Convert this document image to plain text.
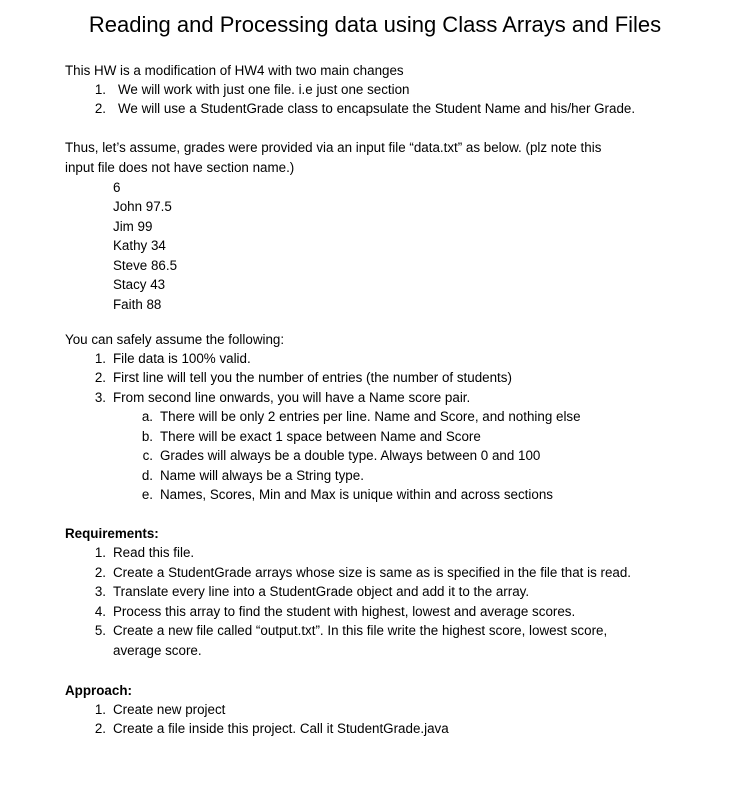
Reading and Processing data using Class Arrays and Files
This HW is a modification of HW4 with two main changes
1. We will work with just one file. i.e just one section
2. We will use a StudentGrade class to encapsulate the Student Name and his/her Grade.
Thus, let’s assume, grades were provided via an input file “data.txt” as below. (plz note this
input file does not have section name.)
6
John 97.5
Jim 99
Kathy 34
Steve 86.5
Stacy 43
Faith 88
You can safely assume the following:
1. File data is 100% valid.
2. First line will tell you the number of entries (the number of students)
3. From second line onwards, you will have a Name score pair.
a. There will be only 2 entries per line. Name and Score, and nothing else
b. There will be exact 1 space between Name and Score
c. Grades will always be a double type. Always between 0 and 100
d. Name will always be a String type.
e. Names, Scores, Min and Max is unique within and across sections
Requirements:
1. Read this file.
2. Create a StudentGrade arrays whose size is same as is specified in the file that is read.
3. Translate every line into a StudentGrade object and add it to the array.
4. Process this array to find the student with highest, lowest and average scores.
5. Create a new file called “output.txt”. In this file write the highest score, lowest score,
average score.
Approach:
1. Create new project
2. Create a file inside this project. Call it StudentGrade.java
